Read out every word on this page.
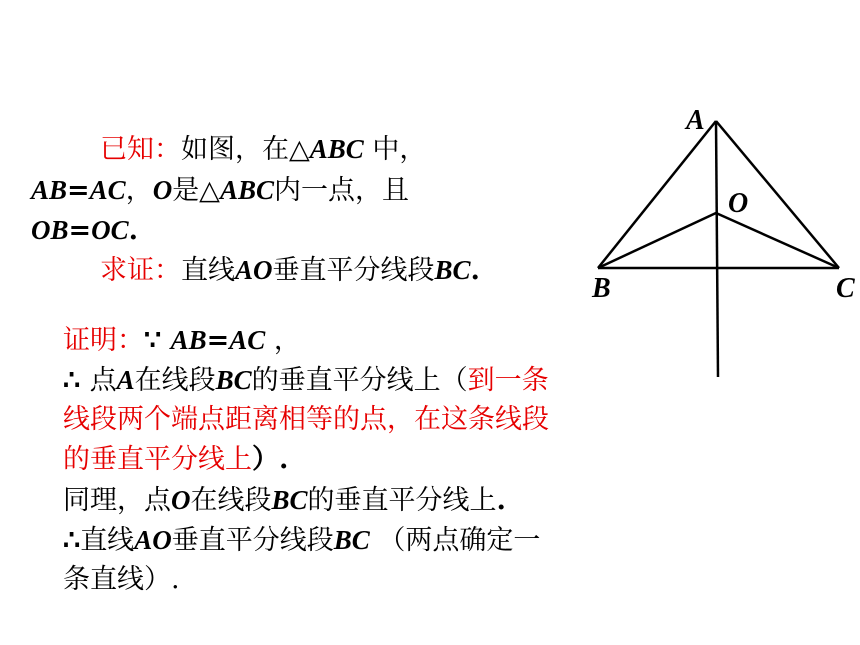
已知：如图，在△ABC 中，
AB=AC，O是△ABC内一点，且
OB=OC.
求证：直线AO垂直平分线段BC.
证明：∵ AB=AC ，
∴ 点A在线段BC的垂直平分线上（到一条
线段两个端点距离相等的点，在这条线段
的垂直平分线上）.
同理，点O在线段BC的垂直平分线上.
∴直线AO垂直平分线段BC （两点确定一
条直线）.
A
O
B	C
